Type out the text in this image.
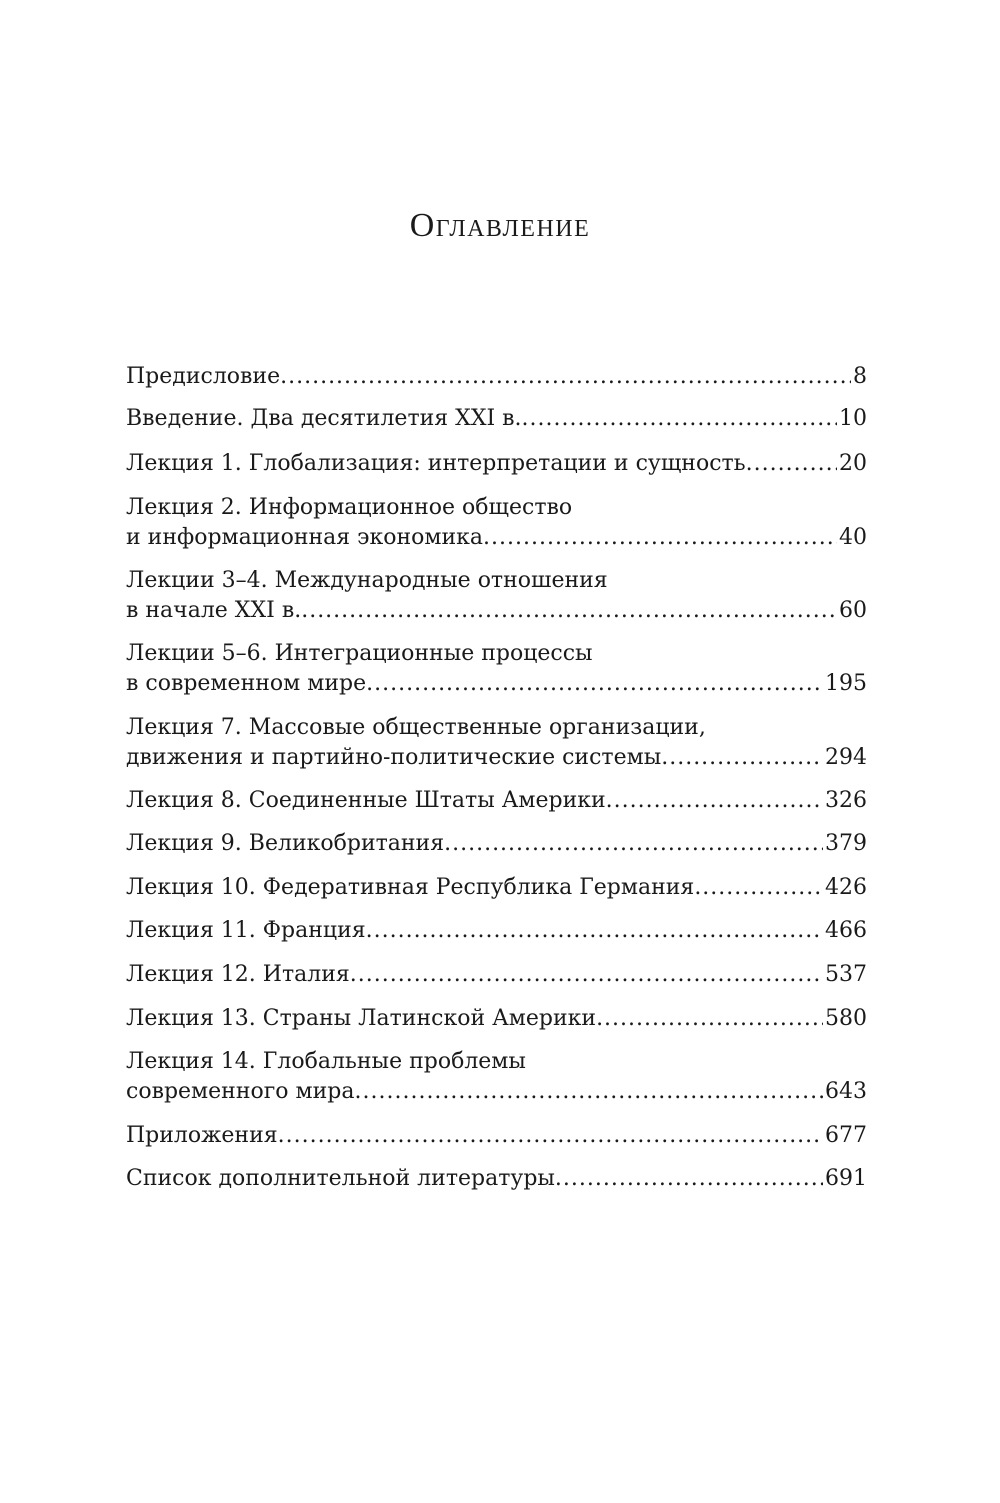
Оглавление
Предисловие .....	8
Введение. Два десятилетия XXI в. .....	10
Лекция 1. Глобализация: интерпретации и сущность .....	20
Лекция 2. Информационное общество
и информационная экономика .....	40
Лекции 3–4. Международные отношения
в начале XXI в. .....	60
Лекции 5–6. Интеграционные процессы
в современном мире .....	195
Лекция 7. Массовые общественные организации,
движения и партийно-политические системы .....	294
Лекция 8. Соединенные Штаты Америки .....	326
Лекция 9. Великобритания .....	379
Лекция 10. Федеративная Республика Германия .....	426
Лекция 11. Франция .....	466
Лекция 12. Италия .....	537
Лекция 13. Страны Латинской Америки .....	580
Лекция 14. Глобальные проблемы
современного мира .....	643
Приложения .....	677
Список дополнительной литературы .....	691
